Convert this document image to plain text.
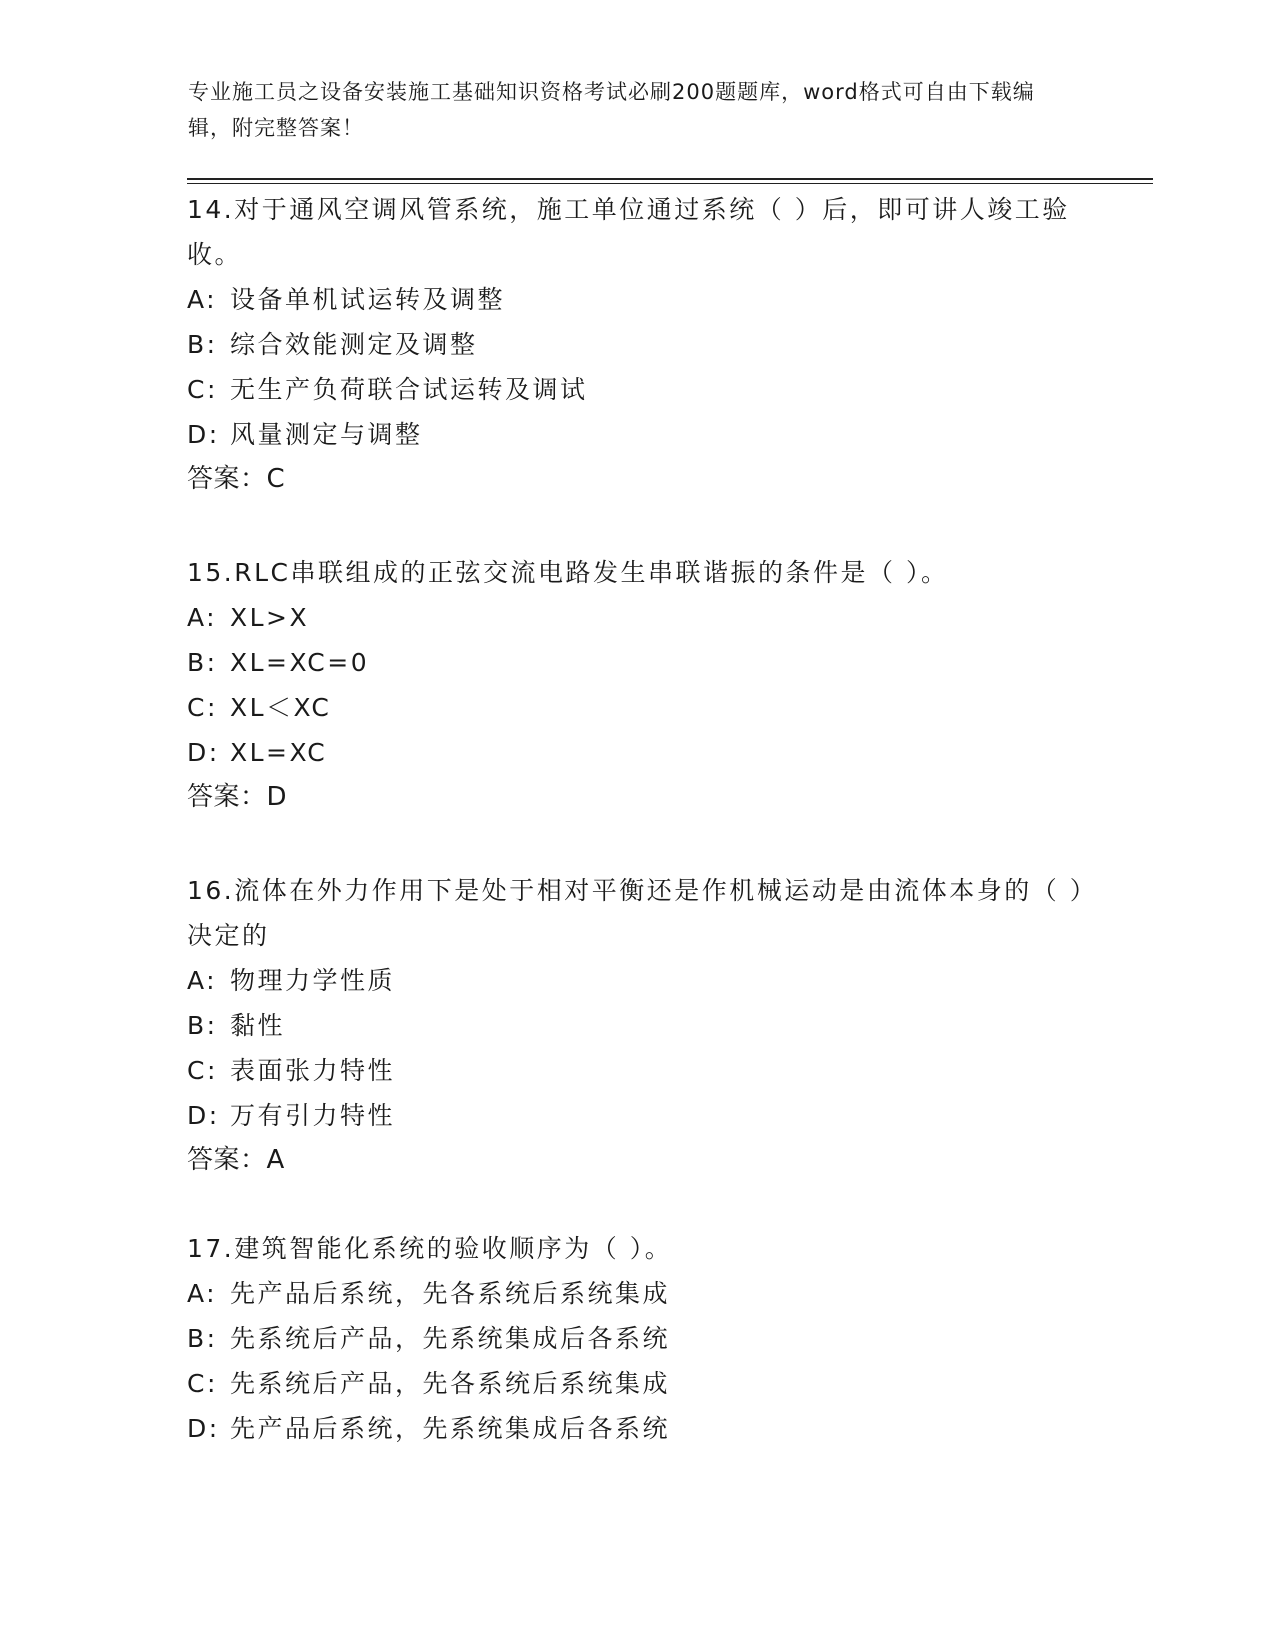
专业施工员之设备安装施工基础知识资格考试必刷200题题库，word格式可自由下载编辑，附完整答案！

14.对于通风空调风管系统，施工单位通过系统（ ）后，即可讲人竣工验收。

A: 设备单机试运转及调整

B: 综合效能测定及调整

C: 无生产负荷联合试运转及调试

D: 风量测定与调整

答案：C

15.RLC串联组成的正弦交流电路发生串联谐振的条件是（ ）。

A: XL>X

B: XL=XC=0

C: XL＜XC

D: XL=XC

答案：D

16.流体在外力作用下是处于相对平衡还是作机械运动是由流体本身的（ ）决定的

A: 物理力学性质

B: 黏性

C: 表面张力特性

D: 万有引力特性

答案：A

17.建筑智能化系统的验收顺序为（ ）。

A: 先产品后系统，先各系统后系统集成

B: 先系统后产品，先系统集成后各系统

C: 先系统后产品，先各系统后系统集成

D: 先产品后系统，先系统集成后各系统
